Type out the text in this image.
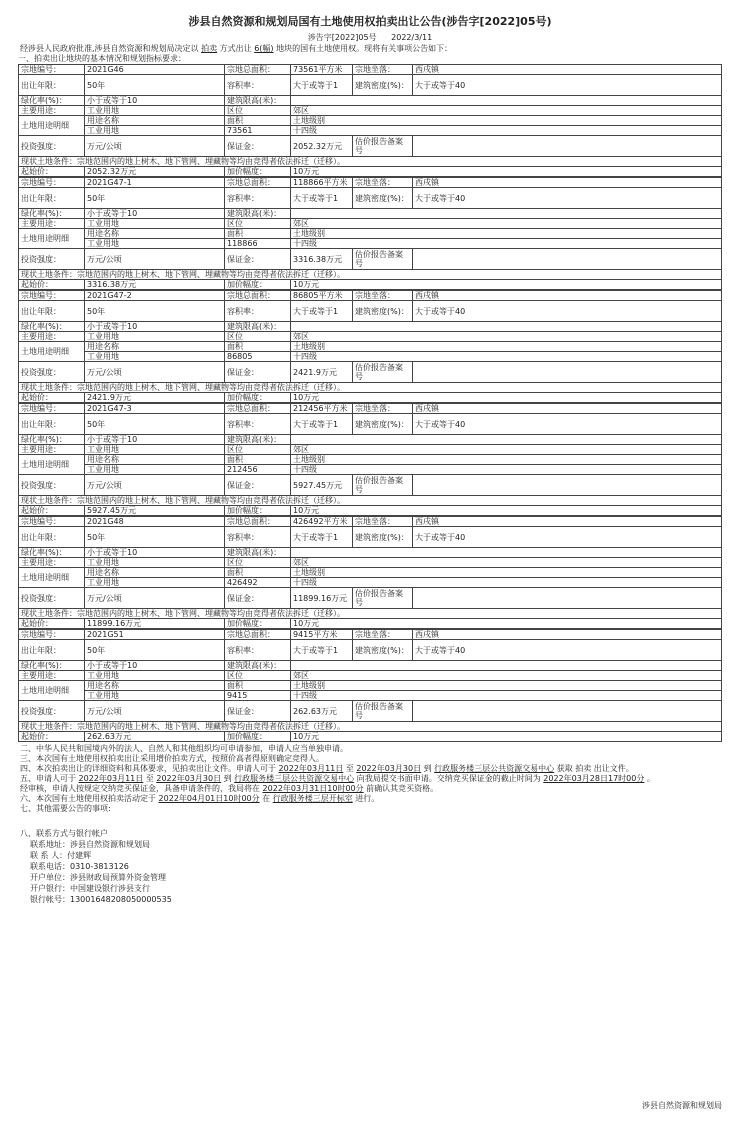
涉县自然资源和规划局国有土地使用权拍卖出让公告(涉告字[2022]05号)
涉告字[2022]05号 2022/3/11
经涉县人民政府批准,涉县自然资源和规划局决定以 拍卖 方式出让 6(幅) 地块的国有土地使用权。现将有关事项公告如下：
一、拍卖出让地块的基本情况和规划指标要求：
宗地编号：	2021G46	宗地总面积：	73561平方米	宗地坐落：	西戌镇
出让年限：	50年	容积率：	大于或等于1	建筑密度(%)：	大于或等于40
绿化率(%)：	小于或等于10	建筑限高(米)：			
主要用途：	工业用地	区位	郊区		
土地用途明细	用途名称	面积	土地级别		
	工业用地	73561	十四级		
投资强度：	万元/公顷	保证金：	2052.32万元	估价报告备案号	
现状土地条件：宗地范围内的地上树木、地下管网、埋藏物等均由竞得者依法拆迁（迁移）。					
起始价：	2052.32万元	加价幅度：	10万元		
宗地编号：	2021G47-1	宗地总面积：	118866平方米	宗地坐落：	西戌镇
出让年限：	50年	容积率：	大于或等于1	建筑密度(%)：	大于或等于40
绿化率(%)：	小于或等于10	建筑限高(米)：			
主要用途：	工业用地	区位	郊区		
土地用途明细	用途名称	面积	土地级别		
	工业用地	118866	十四级		
投资强度：	万元/公顷	保证金：	3316.38万元	估价报告备案号	
现状土地条件：宗地范围内的地上树木、地下管网、埋藏物等均由竞得者依法拆迁（迁移）。					
起始价：	3316.38万元	加价幅度：	10万元		
宗地编号：	2021G47-2	宗地总面积：	86805平方米	宗地坐落：	西戌镇
出让年限：	50年	容积率：	大于或等于1	建筑密度(%)：	大于或等于40
绿化率(%)：	小于或等于10	建筑限高(米)：			
主要用途：	工业用地	区位	郊区		
土地用途明细	用途名称	面积	土地级别		
	工业用地	86805	十四级		
投资强度：	万元/公顷	保证金：	2421.9万元	估价报告备案号	
现状土地条件：宗地范围内的地上树木、地下管网、埋藏物等均由竞得者依法拆迁（迁移）。					
起始价：	2421.9万元	加价幅度：	10万元		
宗地编号：	2021G47-3	宗地总面积：	212456平方米	宗地坐落：	西戌镇
出让年限：	50年	容积率：	大于或等于1	建筑密度(%)：	大于或等于40
绿化率(%)：	小于或等于10	建筑限高(米)：			
主要用途：	工业用地	区位	郊区		
土地用途明细	用途名称	面积	土地级别		
	工业用地	212456	十四级		
投资强度：	万元/公顷	保证金：	5927.45万元	估价报告备案号	
现状土地条件：宗地范围内的地上树木、地下管网、埋藏物等均由竞得者依法拆迁（迁移）。					
起始价：	5927.45万元	加价幅度：	10万元		
宗地编号：	2021G48	宗地总面积：	426492平方米	宗地坐落：	西戌镇
出让年限：	50年	容积率：	大于或等于1	建筑密度(%)：	大于或等于40
绿化率(%)：	小于或等于10	建筑限高(米)：			
主要用途：	工业用地	区位	郊区		
土地用途明细	用途名称	面积	土地级别		
	工业用地	426492	十四级		
投资强度：	万元/公顷	保证金：	11899.16万元	估价报告备案号	
现状土地条件：宗地范围内的地上树木、地下管网、埋藏物等均由竞得者依法拆迁（迁移）。					
起始价：	11899.16万元	加价幅度：	10万元		
宗地编号：	2021G51	宗地总面积：	9415平方米	宗地坐落：	西戌镇
出让年限：	50年	容积率：	大于或等于1	建筑密度(%)：	大于或等于40
绿化率(%)：	小于或等于10	建筑限高(米)：			
主要用途：	工业用地	区位	郊区		
土地用途明细	用途名称	面积	土地级别		
	工业用地	9415	十四级		
投资强度：	万元/公顷	保证金：	262.63万元	估价报告备案号	
现状土地条件：宗地范围内的地上树木、地下管网、埋藏物等均由竞得者依法拆迁（迁移）。					
起始价：	262.63万元	加价幅度：	10万元		
二、中华人民共和国境内外的法人、自然人和其他组织均可申请参加，申请人应当单独申请。
三、本次国有土地使用权拍卖出让采用增价拍卖方式，按照价高者得原则确定竞得人。
四、本次拍卖出让的详细资料和具体要求，见拍卖出让文件。申请人可于 2022年03月11日 至 2022年03月30日 到 行政服务楼三层公共资源交易中心 获取 拍卖 出让文件。
五、申请人可于 2022年03月11日 至 2022年03月30日 到 行政服务楼三层公共资源交易中心 向我局提交书面申请。交纳竞买保证金的截止时间为 2022年03月28日17时00分 。
经审核，申请人按规定交纳竞买保证金，具备申请条件的，我局将在 2022年03月31日10时00分 前确认其竞买资格。
六、本次国有土地使用权拍卖活动定于 2022年04月01日10时00分 在 行政服务楼三层开标室 进行。
七、其他需要公告的事项:
八、联系方式与银行帐户
联系地址：涉县自然资源和规划局
联 系 人：付建辉
联系电话：0310-3813126
开户单位：涉县财政局预算外资金管理
开户银行：中国建设银行涉县支行
银行帐号：13001648208050000535
涉县自然资源和规划局
